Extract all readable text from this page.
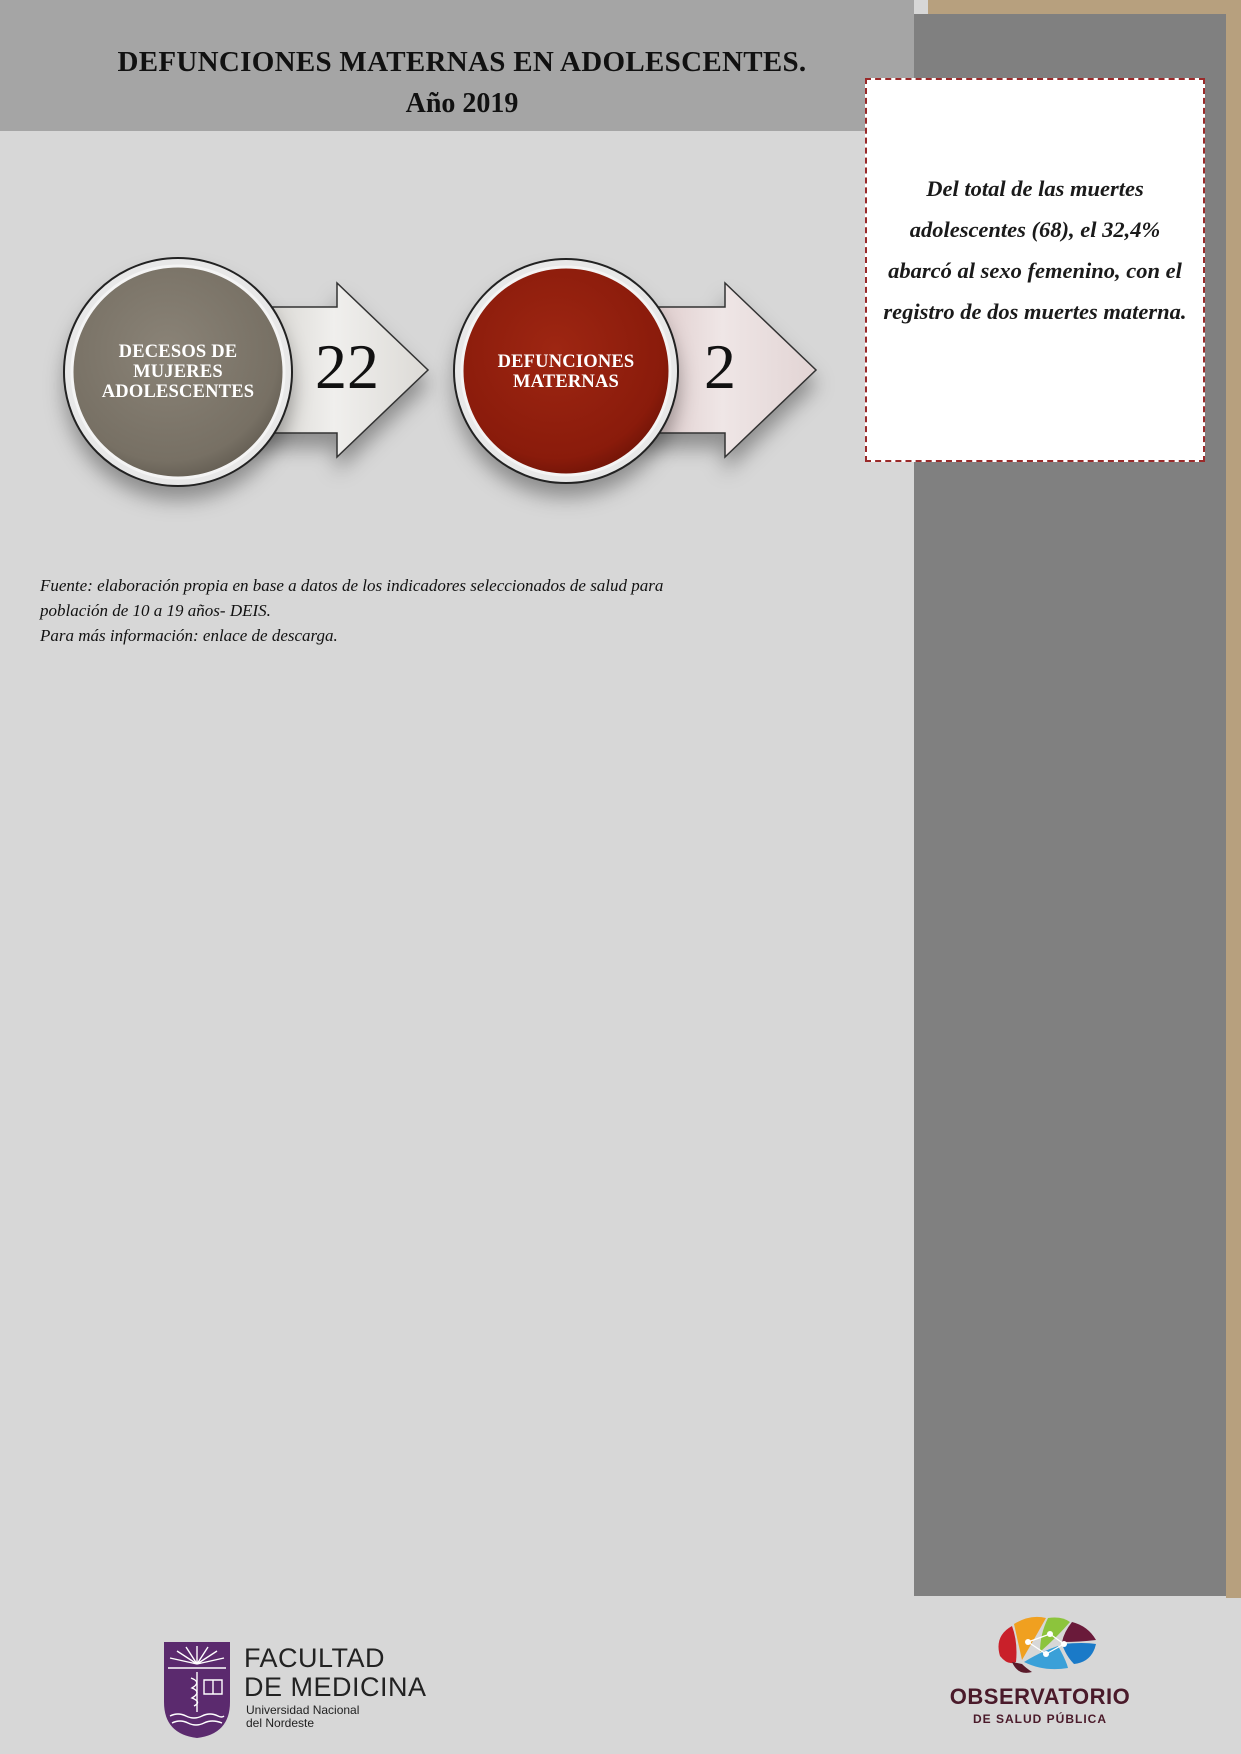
DEFUNCIONES MATERNAS EN ADOLESCENTES.
Año 2019

Del total de las muertes adolescentes (68), el 32,4% abarcó al sexo femenino, con el registro de dos muertes materna.

DECESOS DE
MUJERES
ADOLESCENTES 22	DEFUNCIONES
MATERNAS	2
Fuente: elaboración propia en base a datos de los indicadores seleccionados de salud para
población de 10 a 19 años- DEIS.
Para más información: enlace de descarga.
FACULTAD
DE MEDICINA
Universidad Nacional
del Nordeste
OBSERVATORIO
DE SALUD PÚBLICA
